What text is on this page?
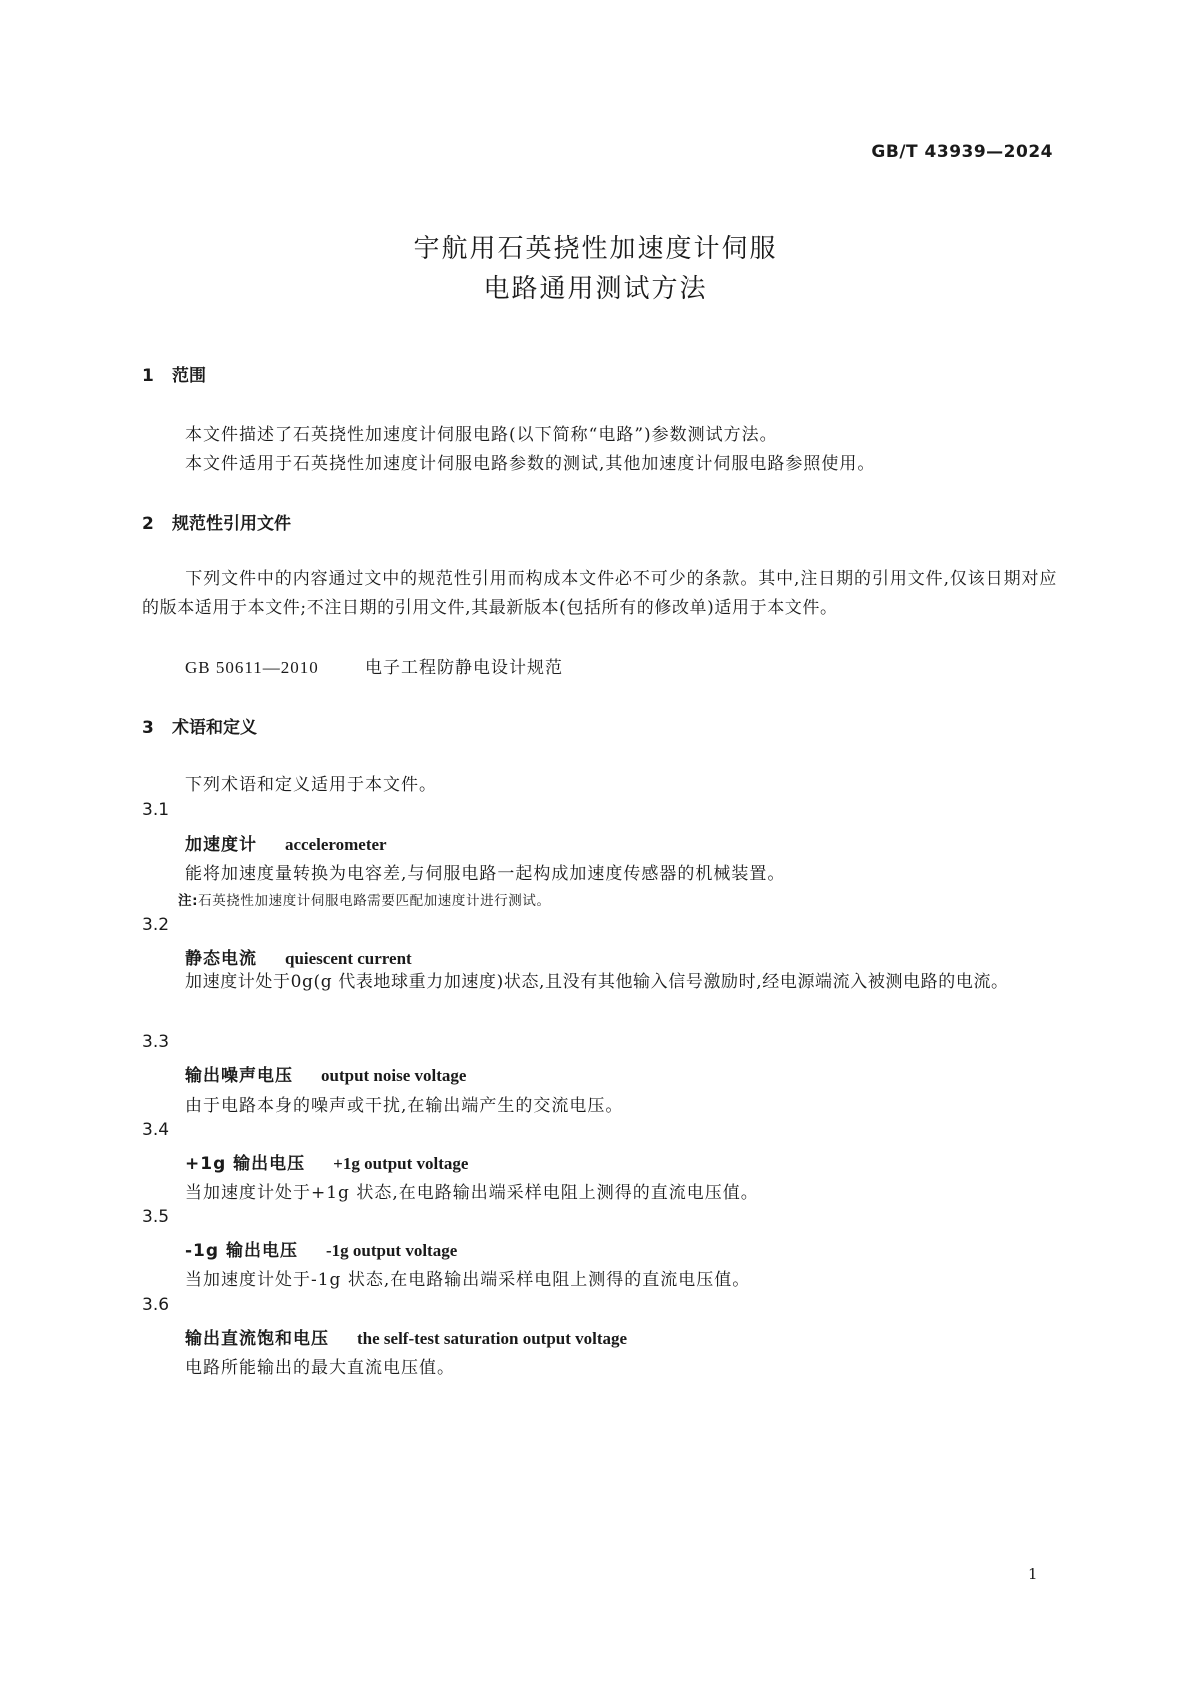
GB/T 43939—2024
宇航用石英挠性加速度计伺服
电路通用测试方法
1 范围
本文件描述了石英挠性加速度计伺服电路(以下简称“电路”)参数测试方法。
本文件适用于石英挠性加速度计伺服电路参数的测试,其他加速度计伺服电路参照使用。
2 规范性引用文件
下列文件中的内容通过文中的规范性引用而构成本文件必不可少的条款。其中,注日期的引用文件,仅该日期对应的版本适用于本文件;不注日期的引用文件,其最新版本(包括所有的修改单)适用于本文件。
GB 50611—2010	电子工程防静电设计规范
3 术语和定义
下列术语和定义适用于本文件。
3.1
加速度计 accelerometer
能将加速度量转换为电容差,与伺服电路一起构成加速度传感器的机械装置。
注:石英挠性加速度计伺服电路需要匹配加速度计进行测试。
3.2
静态电流 quiescent current
加速度计处于0g(g 代表地球重力加速度)状态,且没有其他输入信号激励时,经电源端流入被测电路的电流。
3.3
输出噪声电压 output noise voltage
由于电路本身的噪声或干扰,在输出端产生的交流电压。
3.4
+1g 输出电压 +1g output voltage
当加速度计处于+1g 状态,在电路输出端采样电阻上测得的直流电压值。
3.5
-1g 输出电压 -1g output voltage
当加速度计处于-1g 状态,在电路输出端采样电阻上测得的直流电压值。
3.6
输出直流饱和电压 the self-test saturation output voltage
电路所能输出的最大直流电压值。
1
